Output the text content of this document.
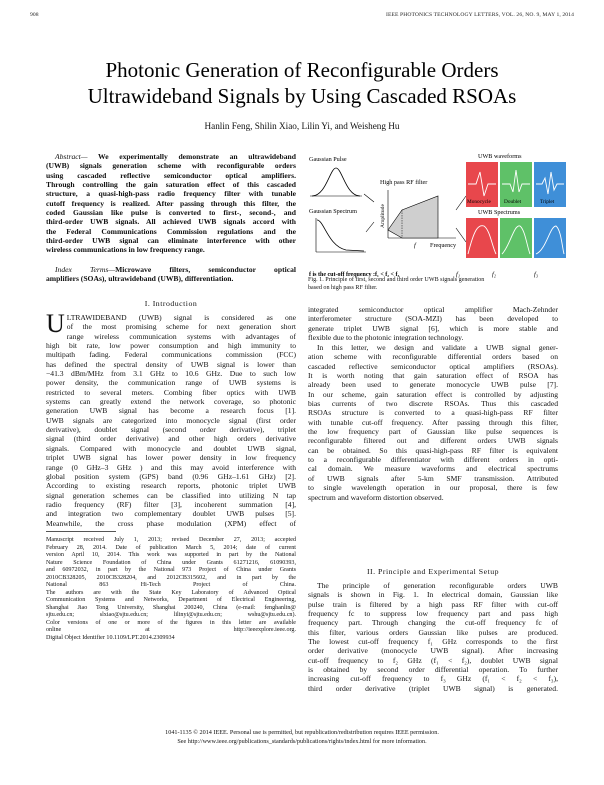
908	IEEE PHOTONICS TECHNOLOGY LETTERS, VOL. 26, NO. 9, MAY 1, 2014
Photonic Generation of Reconfigurable Orders
Ultrawideband Signals by Using Cascaded RSOAs
Hanlin Feng, Shilin Xiao, Lilin Yi, and Weisheng Hu
Abstract— We experimentally demonstrate an ultrawideband
(UWB) signals generation scheme with reconfigurable orders
using cascaded reflective semiconductor optical amplifiers.
Through controlling the gain saturation effect of this cascaded
structure, a quasi-high-pass radio frequency filter with tunable
cutoff frequency is realized. After passing through this filter, the
coded Gaussian like pulse is converted to first-, second-, and
third-order UWB signals. All achieved UWB signals accord with
the Federal Communications Commission regulations and the
third-order UWB signal can eliminate interference with other
wireless communications in low frequency range.
Index Terms—Microwave filters, semiconductor optical
amplifiers (SOAs), ultrawideband (UWB), differentiation.
I. Introduction
U LTRAWIDEBAND (UWB) signal is considered as one
of the most promising scheme for next generation short
range wireless communication systems with advantages of
high bit rate, low power consumption and high immunity to
multipath fading. Federal communications commission (FCC)
has defined the spectral density of UWB signal is lower than
−41.3 dBm/MHz from 3.1 GHz to 10.6 GHz. Due to such low
power density, the communication range of UWB systems is
restricted to several meters. Combing fiber optics with UWB
systems can greatly extend the network coverage, so photonic
generation UWB signal has become a research focus [1].
UWB signals are categorized into monocycle signal (first order
derivative), doublet signal (second order derivative), triplet
signal (third order derivative) and other high orders derivative
signals. Compared with monocycle and doublet UWB signal,
triplet UWB signal has lower power density in low frequency
range (0 GHz–3 GHz ) and this may avoid interference with
global position system (GPS) band (0.96 GHz–1.61 GHz) [2].
According to existing research reports, photonic triplet UWB
signal generation schemes can be classified into utilizing N tap
radio frequency (RF) filter [3], incoherent summation [4],
and integration two complementary doublet UWB pulses [5].
Meanwhile, the cross phase modulation (XPM) effect of
Manuscript received July 1, 2013; revised December 27, 2013; accepted
February 28, 2014. Date of publication March 5, 2014; date of current
version April 10, 2014. This work was supported in part by the National
Nature Science Foundation of China under Grants 61271216, 61090393,
and 60972032, in part by the National 973 Project of China under Grants
2010CB328205, 2010CB328204, and 2012CB315602, and in part by the
National 863 Hi-Tech Project of China.
The authors are with the State Key Laboratory of Advanced Optical
Communication Systems and Networks, Department of Electrical Engineering,
Shanghai Jiao Tong University, Shanghai 200240, China (e-mail: fenghanlin@
sjtu.edu.cn; slxiao@sjtu.edu.cn; lilinyi@sjtu.edu.cn; wshu@sjtu.edu.cn).
Color versions of one or more of the figures in this letter are available
online at http://ieeexplore.ieee.org.
Digital Object Identifier 10.1109/LPT.2014.2309934
Gaussian Pulse
Gaussian Spectrum
High pass RF filter
Amplitude
f Frequency
UWB waveforms
Monocycle Doublet	Triplet
UWB Spectrums
f is the cut-off frequency :f₁ < f₂ < f₃	f₁	f₂	f₃
Fig. 1. Principle of first, second and third order UWB signals generation
based on high pass RF filter.
integrated semiconductor optical amplifier Mach-Zehnder
interferometer structure (SOA-MZI) has been developed to
generate triplet UWB signal [6], which is more stable and
flexible due to the photonic integration technology.
In this letter, we design and validate a UWB signal gener-
ation scheme with reconfigurable differential orders based on
cascaded reflective semiconductor optical amplifiers (RSOAs).
It is worth noting that gain saturation effect of RSOA has
already been used to generate monocycle UWB pulse [7].
In our scheme, gain saturation effect is controlled by adjusting
bias currents of two discrete RSOAs. Thus this cascaded
RSOAs structure is converted to a quasi-high-pass RF filter
with tunable cut-off frequency. After passing through this filter,
the low frequency part of Gaussian like pulse sequences is
reconfigurable filtered out and different orders UWB signals
can be obtained. So this quasi-high-pass RF filter is equivalent
to a reconfigurable differentiator with different orders in opti-
cal domain. We measure waveforms and electrical spectrums
of UWB signals after 5-km SMF transmission. Attributed
to single wavelength operation in our proposal, there is few
spectrum and waveform distortion observed.
II. Principle and Experimental Setup
The principle of generation reconfigurable orders UWB
signals is shown in Fig. 1. In electrical domain, Gaussian like
pulse train is filtered by a high pass RF filter with cut-off
frequency fc to suppress low frequency part and pass high
frequency part. Through changing the cut-off frequency fc of
this filter, various orders Gaussian like pulses are produced.
The lowest cut-off frequency f₁ GHz corresponds to the first
order derivative (monocycle UWB signal). After increasing
cut-off frequency to f₂ GHz (f₁ < f₂), doublet UWB signal
is obtained by second order differential operation. To further
increasing cut-off frequency to f₃ GHz (f₁ < f₂ < f₃),
third order derivative (triplet UWB signal) is generated.
1041-1135 © 2014 IEEE. Personal use is permitted, but republication/redistribution requires IEEE permission.
See http://www.ieee.org/publications_standards/publications/rights/index.html for more information.
